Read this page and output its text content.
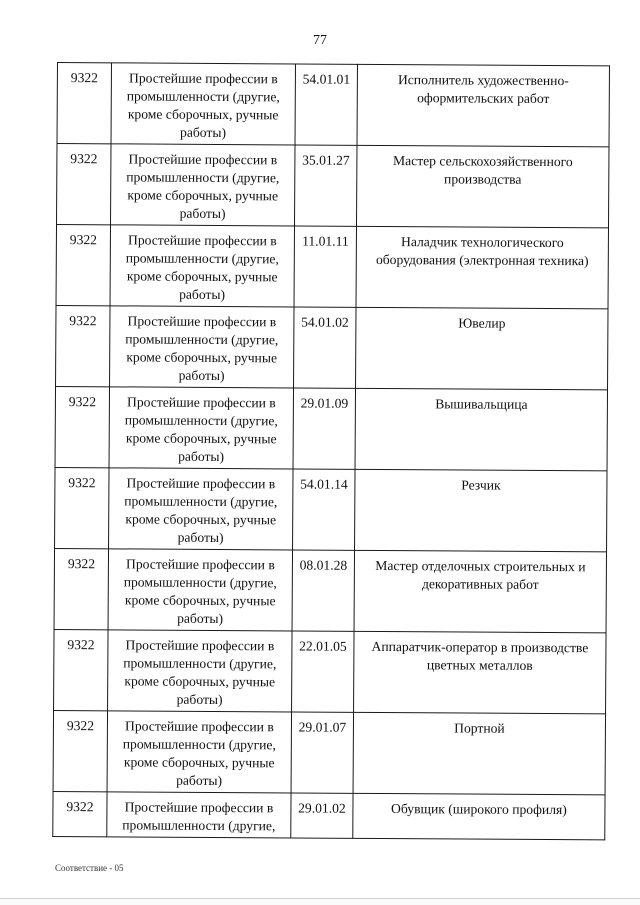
77
9322	Простейшие профессии в промышленности (другие, кроме сборочных, ручные работы)	54.01.01	Исполнитель художественно-оформительских работ
9322	Простейшие профессии в промышленности (другие, кроме сборочных, ручные работы)	35.01.27	Мастер сельскохозяйственного производства
9322	Простейшие профессии в промышленности (другие, кроме сборочных, ручные работы)	11.01.11	Наладчик технологического оборудования (электронная техника)
9322	Простейшие профессии в промышленности (другие, кроме сборочных, ручные работы)	54.01.02	Ювелир
9322	Простейшие профессии в промышленности (другие, кроме сборочных, ручные работы)	29.01.09	Вышивальщица
9322	Простейшие профессии в промышленности (другие, кроме сборочных, ручные работы)	54.01.14	Резчик
9322	Простейшие профессии в промышленности (другие, кроме сборочных, ручные работы)	08.01.28	Мастер отделочных строительных и декоративных работ
9322	Простейшие профессии в промышленности (другие, кроме сборочных, ручные работы)	22.01.05	Аппаратчик-оператор в производстве цветных металлов
9322	Простейшие профессии в промышленности (другие, кроме сборочных, ручные работы)	29.01.07	Портной
9322	Простейшие профессии в промышленности (другие,	29.01.02	Обувщик (широкого профиля)
Соответствие - 05
